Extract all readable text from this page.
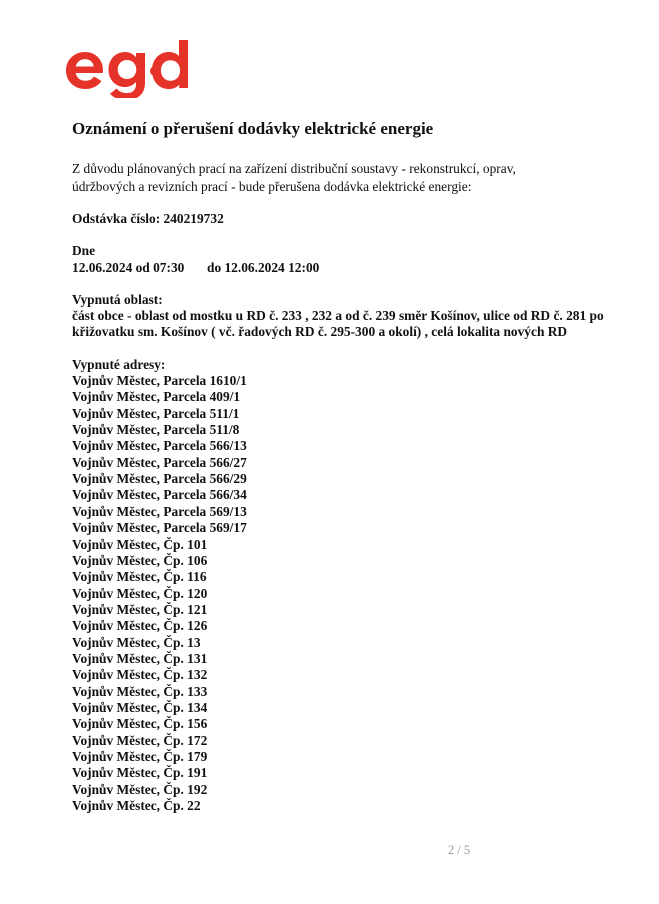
Oznámení o přerušení dodávky elektrické energie
Z důvodu plánovaných prací na zařízení distribuční soustavy - rekonstrukcí, oprav,
údržbových a revizních prací - bude přerušena dodávka elektrické energie:

Odstávka číslo: 240219732

Dne

12.06.2024 od 07:30 do 12.06.2024 12:00

Vypnutá oblast:

část obce - oblast od mostku u RD č. 233 , 232 a od č. 239 směr Košínov, ulice od RD č. 281 po

křižovatku sm. Košínov ( vč. řadových RD č. 295-300 a okolí) , celá lokalita nových RD

Vypnuté adresy:

Vojnův Městec, Parcela 1610/1
Vojnův Městec, Parcela 409/1
Vojnův Městec, Parcela 511/1
Vojnův Městec, Parcela 511/8
Vojnův Městec, Parcela 566/13
Vojnův Městec, Parcela 566/27
Vojnův Městec, Parcela 566/29
Vojnův Městec, Parcela 566/34
Vojnův Městec, Parcela 569/13
Vojnův Městec, Parcela 569/17
Vojnův Městec, Čp. 101
Vojnův Městec, Čp. 106
Vojnův Městec, Čp. 116
Vojnův Městec, Čp. 120
Vojnův Městec, Čp. 121
Vojnův Městec, Čp. 126
Vojnův Městec, Čp. 13
Vojnův Městec, Čp. 131
Vojnův Městec, Čp. 132
Vojnův Městec, Čp. 133
Vojnův Městec, Čp. 134
Vojnův Městec, Čp. 156
Vojnův Městec, Čp. 172
Vojnův Městec, Čp. 179
Vojnův Městec, Čp. 191
Vojnův Městec, Čp. 192
Vojnův Městec, Čp. 22
2 / 5
